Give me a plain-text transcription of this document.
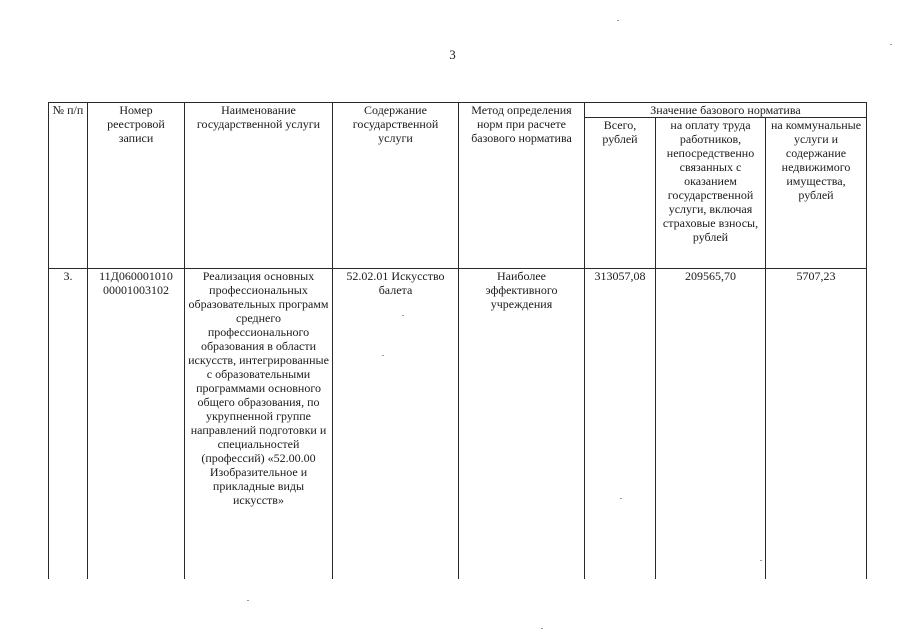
3
№ п/п	Номер реестровой записи	Наименование государственной услуги	Содержание государственной услуги	Метод определения норм при расчете базового норматива	Значение базового норматива		
					Всего, рублей	на оплату труда работников, непосредственно связанных с оказанием государственной услуги, включая страховые взносы, рублей	на коммунальные услуги и содержание недвижимого имущества, рублей
3.	11Д060001010 00001003102	Реализация основных профессиональных образовательных программ среднего профессионального образования в области искусств, интегрированные с образовательными программами основного общего образования, по укрупненной группе направлений подготовки и специальностей (профессий) «52.00.00 Изобразительное и прикладные виды искусств»	52.02.01 Искусство балета	Наиболее эффективного учреждения	313057,08	209565,70	5707,23
